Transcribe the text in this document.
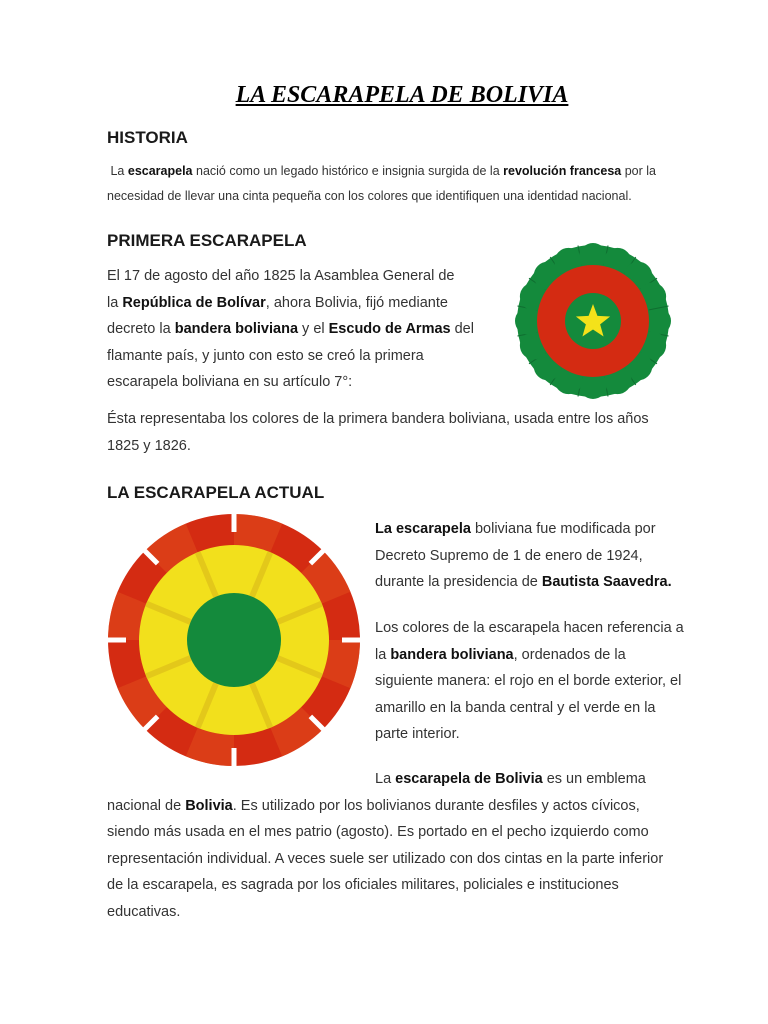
LA ESCARAPELA DE BOLIVIA
HISTORIA
La escarapela nació como un legado histórico e insignia surgida de la revolución francesa por la
necesidad de llevar una cinta pequeña con los colores que identifiquen una identidad nacional.
PRIMERA ESCARAPELA
El 17 de agosto del año 1825 la Asamblea General de
la República de Bolívar, ahora Bolivia, fijó mediante
decreto la bandera boliviana y el Escudo de Armas del
flamante país, y junto con esto se creó la primera
escarapela boliviana en su artículo 7°:
Ésta representaba los colores de la primera bandera boliviana, usada entre los años
1825 y 1826.
LA ESCARAPELA ACTUAL
La escarapela boliviana fue modificada por
Decreto Supremo de 1 de enero de 1924,
durante la presidencia de Bautista Saavedra.
Los colores de la escarapela hacen referencia a
la bandera boliviana, ordenados de la
siguiente manera: el rojo en el borde exterior, el
amarillo en la banda central y el verde en la
parte interior.
La escarapela de Bolivia es un emblema
nacional de Bolivia. Es utilizado por los bolivianos durante desfiles y actos cívicos,
siendo más usada en el mes patrio (agosto). Es portado en el pecho izquierdo como
representación individual. A veces suele ser utilizado con dos cintas en la parte inferior
de la escarapela, es sagrada por los oficiales militares, policiales e instituciones
educativas.
